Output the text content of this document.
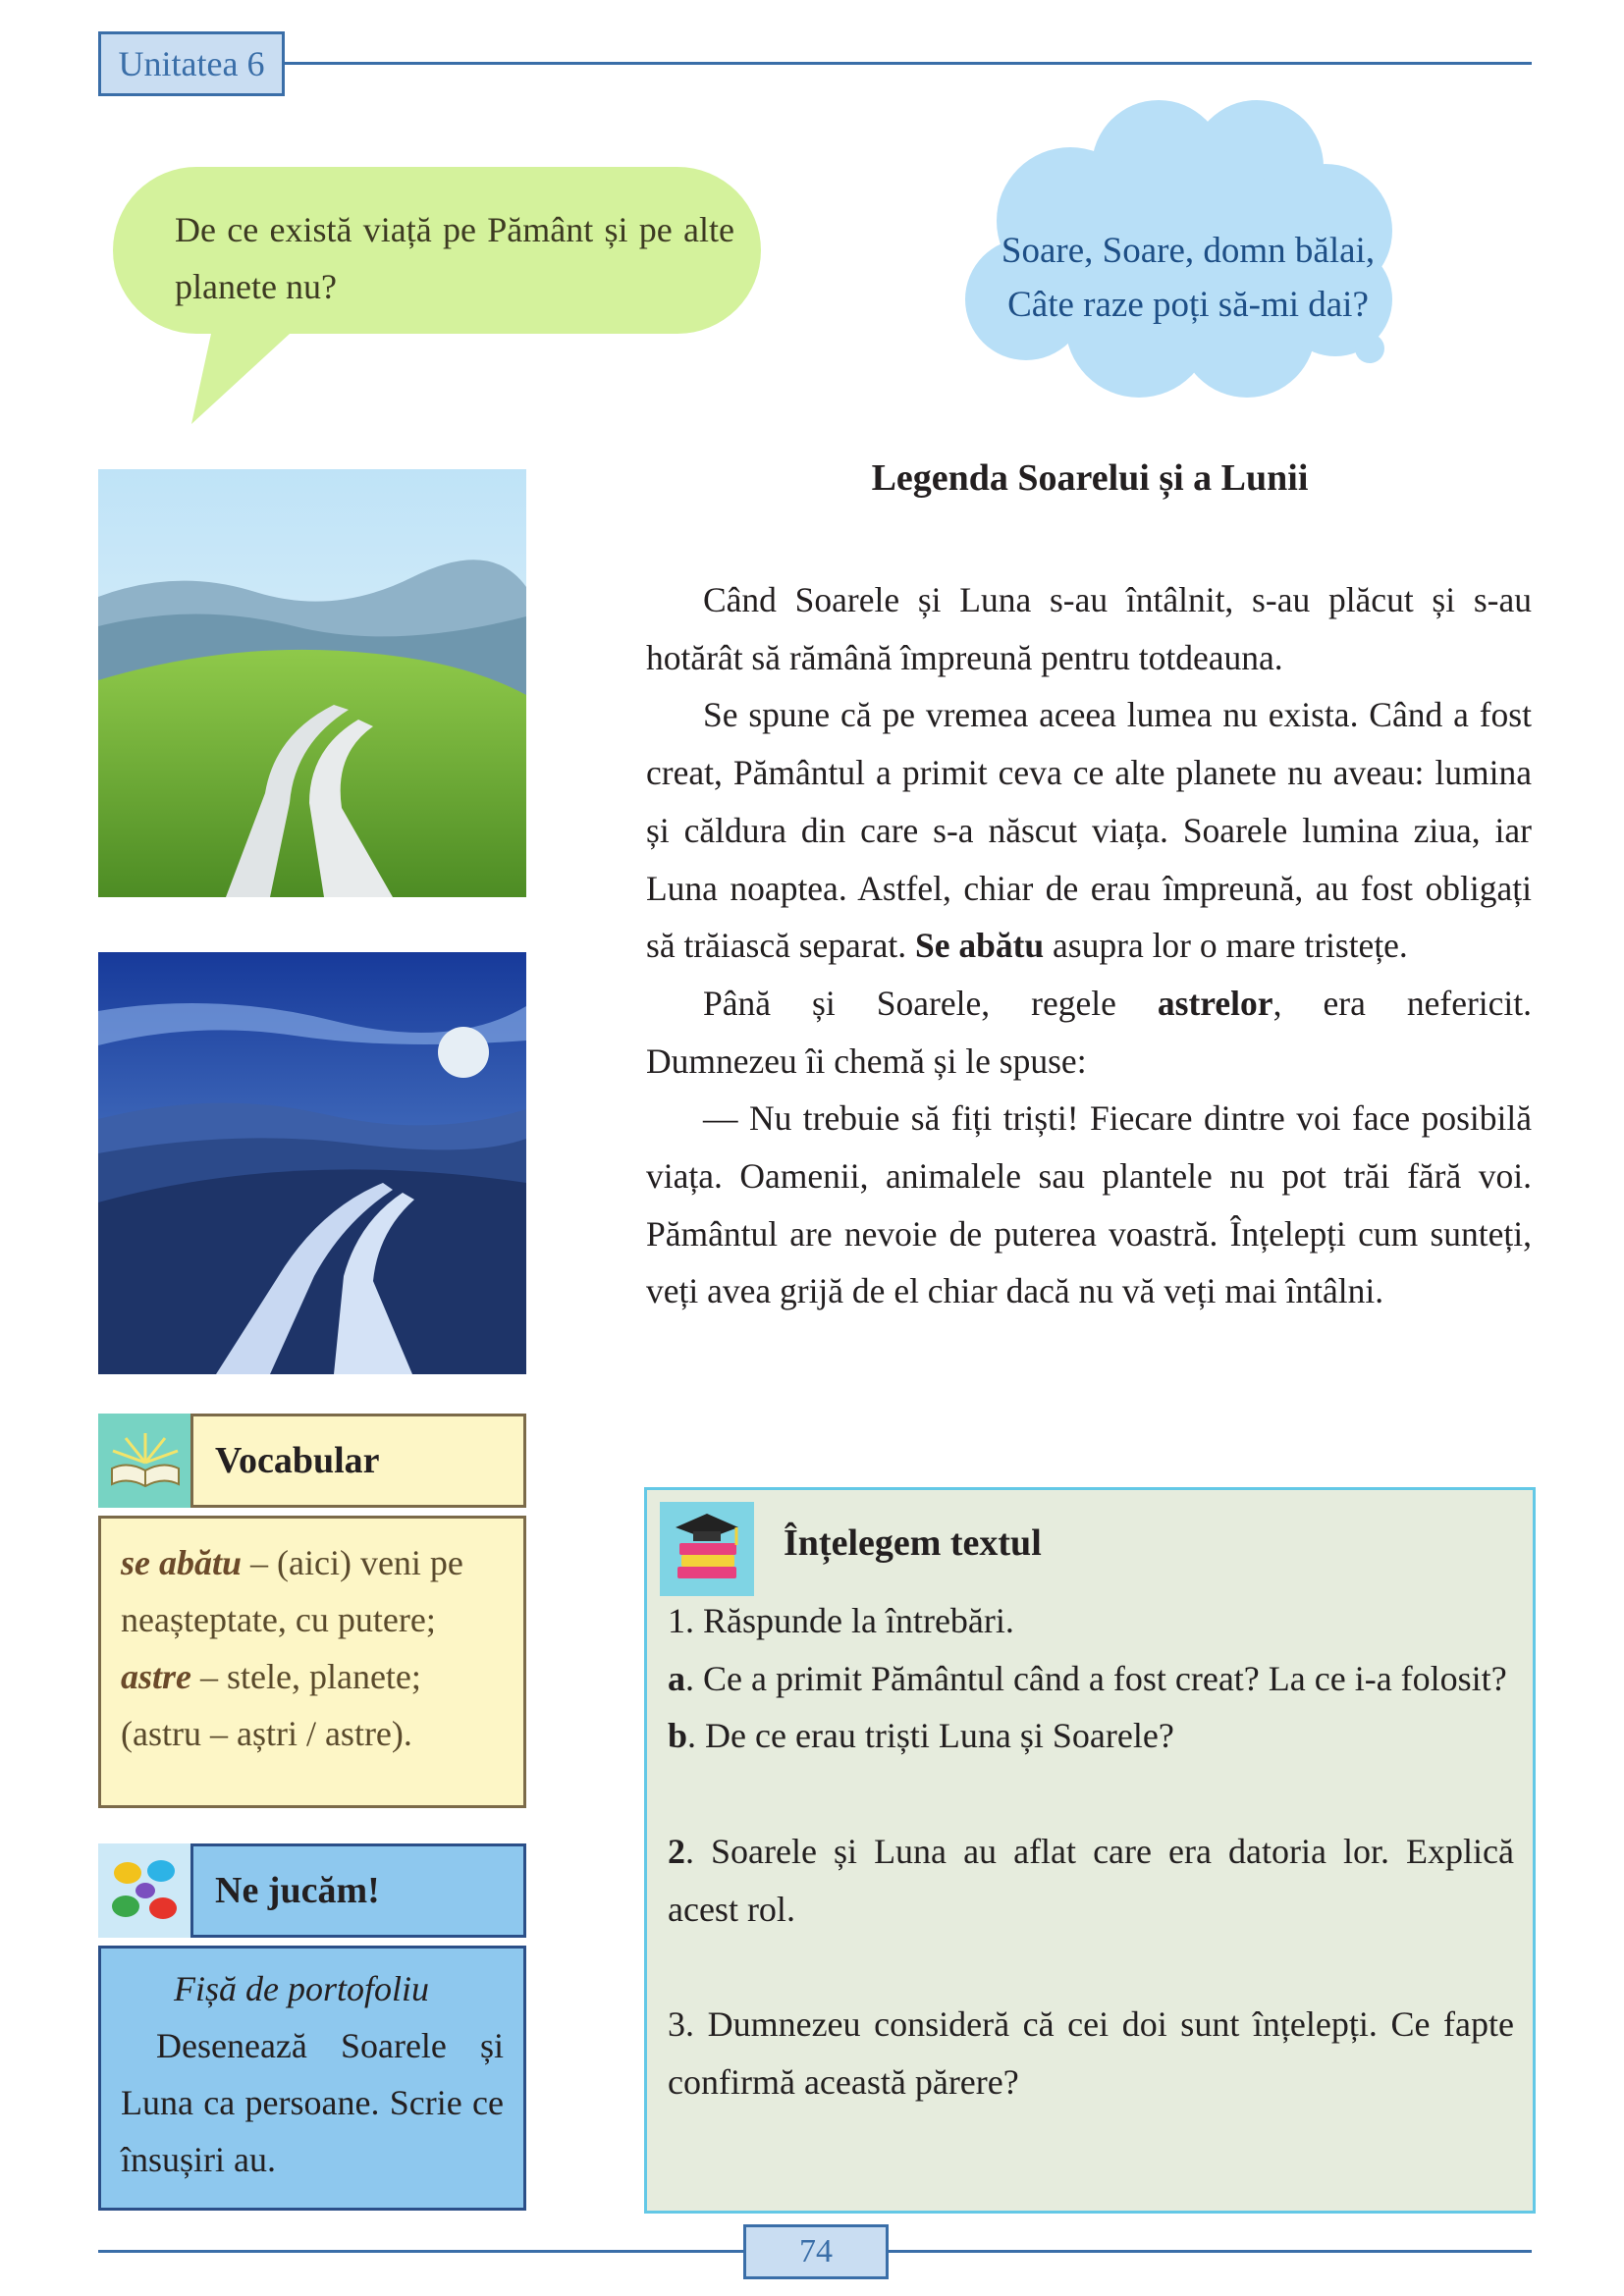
Unitatea 6
De ce există viață pe Pământ și pe alte planete nu?
Soare, Soare, domn bălai,
Câte raze poți să-mi dai?
Legenda Soarelui și a Lunii

Când Soarele și Luna s-au întâlnit, s-au plăcut și s-au hotărât să rămână împreună pentru totdeauna.

Se spune că pe vremea aceea lumea nu exista. Când a fost creat, Pământul a primit ceva ce alte planete nu aveau: lumina și căldura din care s-a născut viața. Soarele lumina ziua, iar Luna noaptea. Astfel, chiar de erau împreună, au fost obligați să trăiască separat. Se abătu asupra lor o mare tristețe.

Până și Soarele, regele astrelor, era nefericit.

Dumnezeu îi chemă și le spuse:

— Nu trebuie să fiți triști! Fiecare dintre voi face posibilă viața. Oamenii, animalele sau plantele nu pot trăi fără voi. Pământul are nevoie de puterea voastră. Înțelepți cum sunteți, veți avea grijă de el chiar dacă nu vă veți mai întâlni.

Vocabular
se abătu – (aici) veni pe neașteptate, cu putere;
astre – stele, planete;
(astru – aștri / astre).
Ne jucăm!

Fișă de portofoliu

Desenează Soarele și Luna ca persoane. Scrie ce însușiri au.

Înțelegem textul

1. Răspunde la întrebări.

a. Ce a primit Pământul când a fost creat? La ce i-a folosit?

b. De ce erau triști Luna și Soarele?

2. Soarele și Luna au aflat care era datoria lor. Explică acest rol.

3. Dumnezeu consideră că cei doi sunt înțelepți. Ce fapte confirmă această părere?

74
